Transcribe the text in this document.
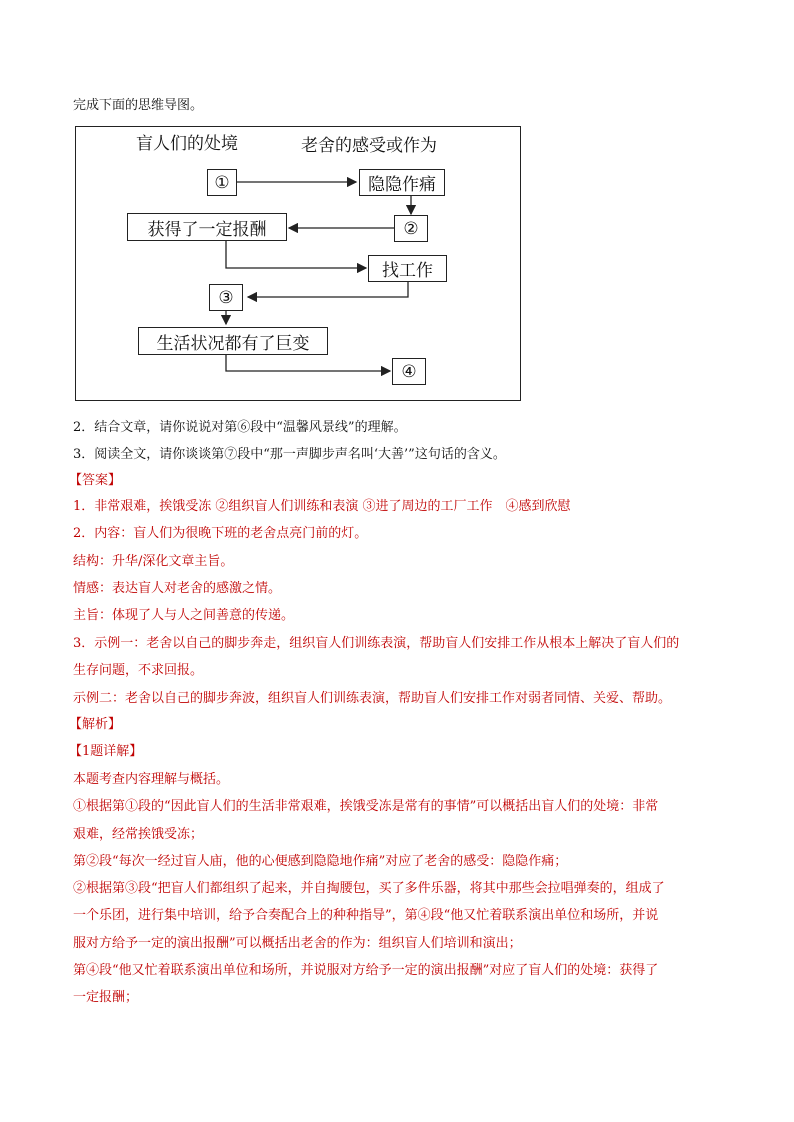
完成下面的思维导图。
盲人们的处境	老舍的感受或作为
①	隐隐作痛
获得了一定报酬	②
找工作
③
生活状况都有了巨变
④
2．结合文章，请你说说对第⑥段中“温馨风景线”的理解。
3．阅读全文，请你谈谈第⑦段中“那一声脚步声名叫‘大善’”这句话的含义。
【答案】
1．非常艰难，挨饿受冻 ②组织盲人们训练和表演 ③进了周边的工厂工作　④感到欣慰
2．内容：盲人们为很晚下班的老舍点亮门前的灯。
结构：升华/深化文章主旨。
情感：表达盲人对老舍的感激之情。
主旨：体现了人与人之间善意的传递。
3．示例一：老舍以自己的脚步奔走，组织盲人们训练表演，帮助盲人们安排工作从根本上解决了盲人们的
生存问题，不求回报。
示例二：老舍以自己的脚步奔波，组织盲人们训练表演，帮助盲人们安排工作对弱者同情、关爱、帮助。
【解析】
【1题详解】
本题考查内容理解与概括。
①根据第①段的“因此盲人们的生活非常艰难，挨饿受冻是常有的事情”可以概括出盲人们的处境：非常
艰难，经常挨饿受冻；
第②段“每次一经过盲人庙，他的心便感到隐隐地作痛”对应了老舍的感受：隐隐作痛；
②根据第③段“把盲人们都组织了起来，并自掏腰包，买了多件乐器，将其中那些会拉唱弹奏的，组成了
一个乐团，进行集中培训，给予合奏配合上的种种指导”，第④段“他又忙着联系演出单位和场所，并说
服对方给予一定的演出报酬”可以概括出老舍的作为：组织盲人们培训和演出；
第④段“他又忙着联系演出单位和场所，并说服对方给予一定的演出报酬”对应了盲人们的处境：获得了
一定报酬；
